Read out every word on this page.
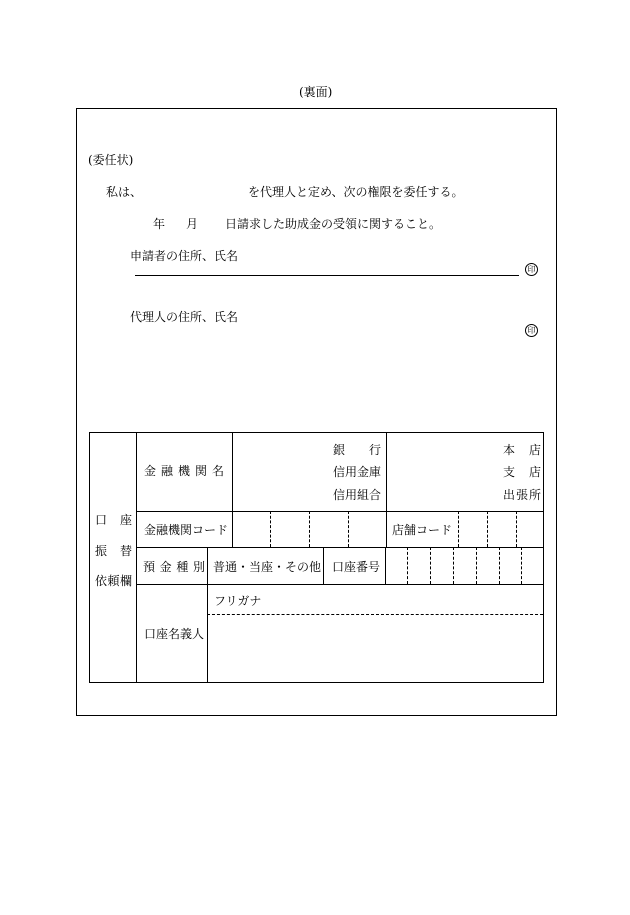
(裏面)
(委任状)
私は、	を代理人と定め、次の権限を委任する。
年 月 日請求した助成金の受領に関すること。
申請者の住所、氏名
印
代理人の住所、氏名
印
口 座
振 替
依頼欄
金 融 機 関 名
銀 行
信用金庫
信用組合
本 店
支 店
出張所
金融機関コード	店舗コード
預 金 種 別 普通・当座・その他 口座番号
フリガナ
口座名義人
